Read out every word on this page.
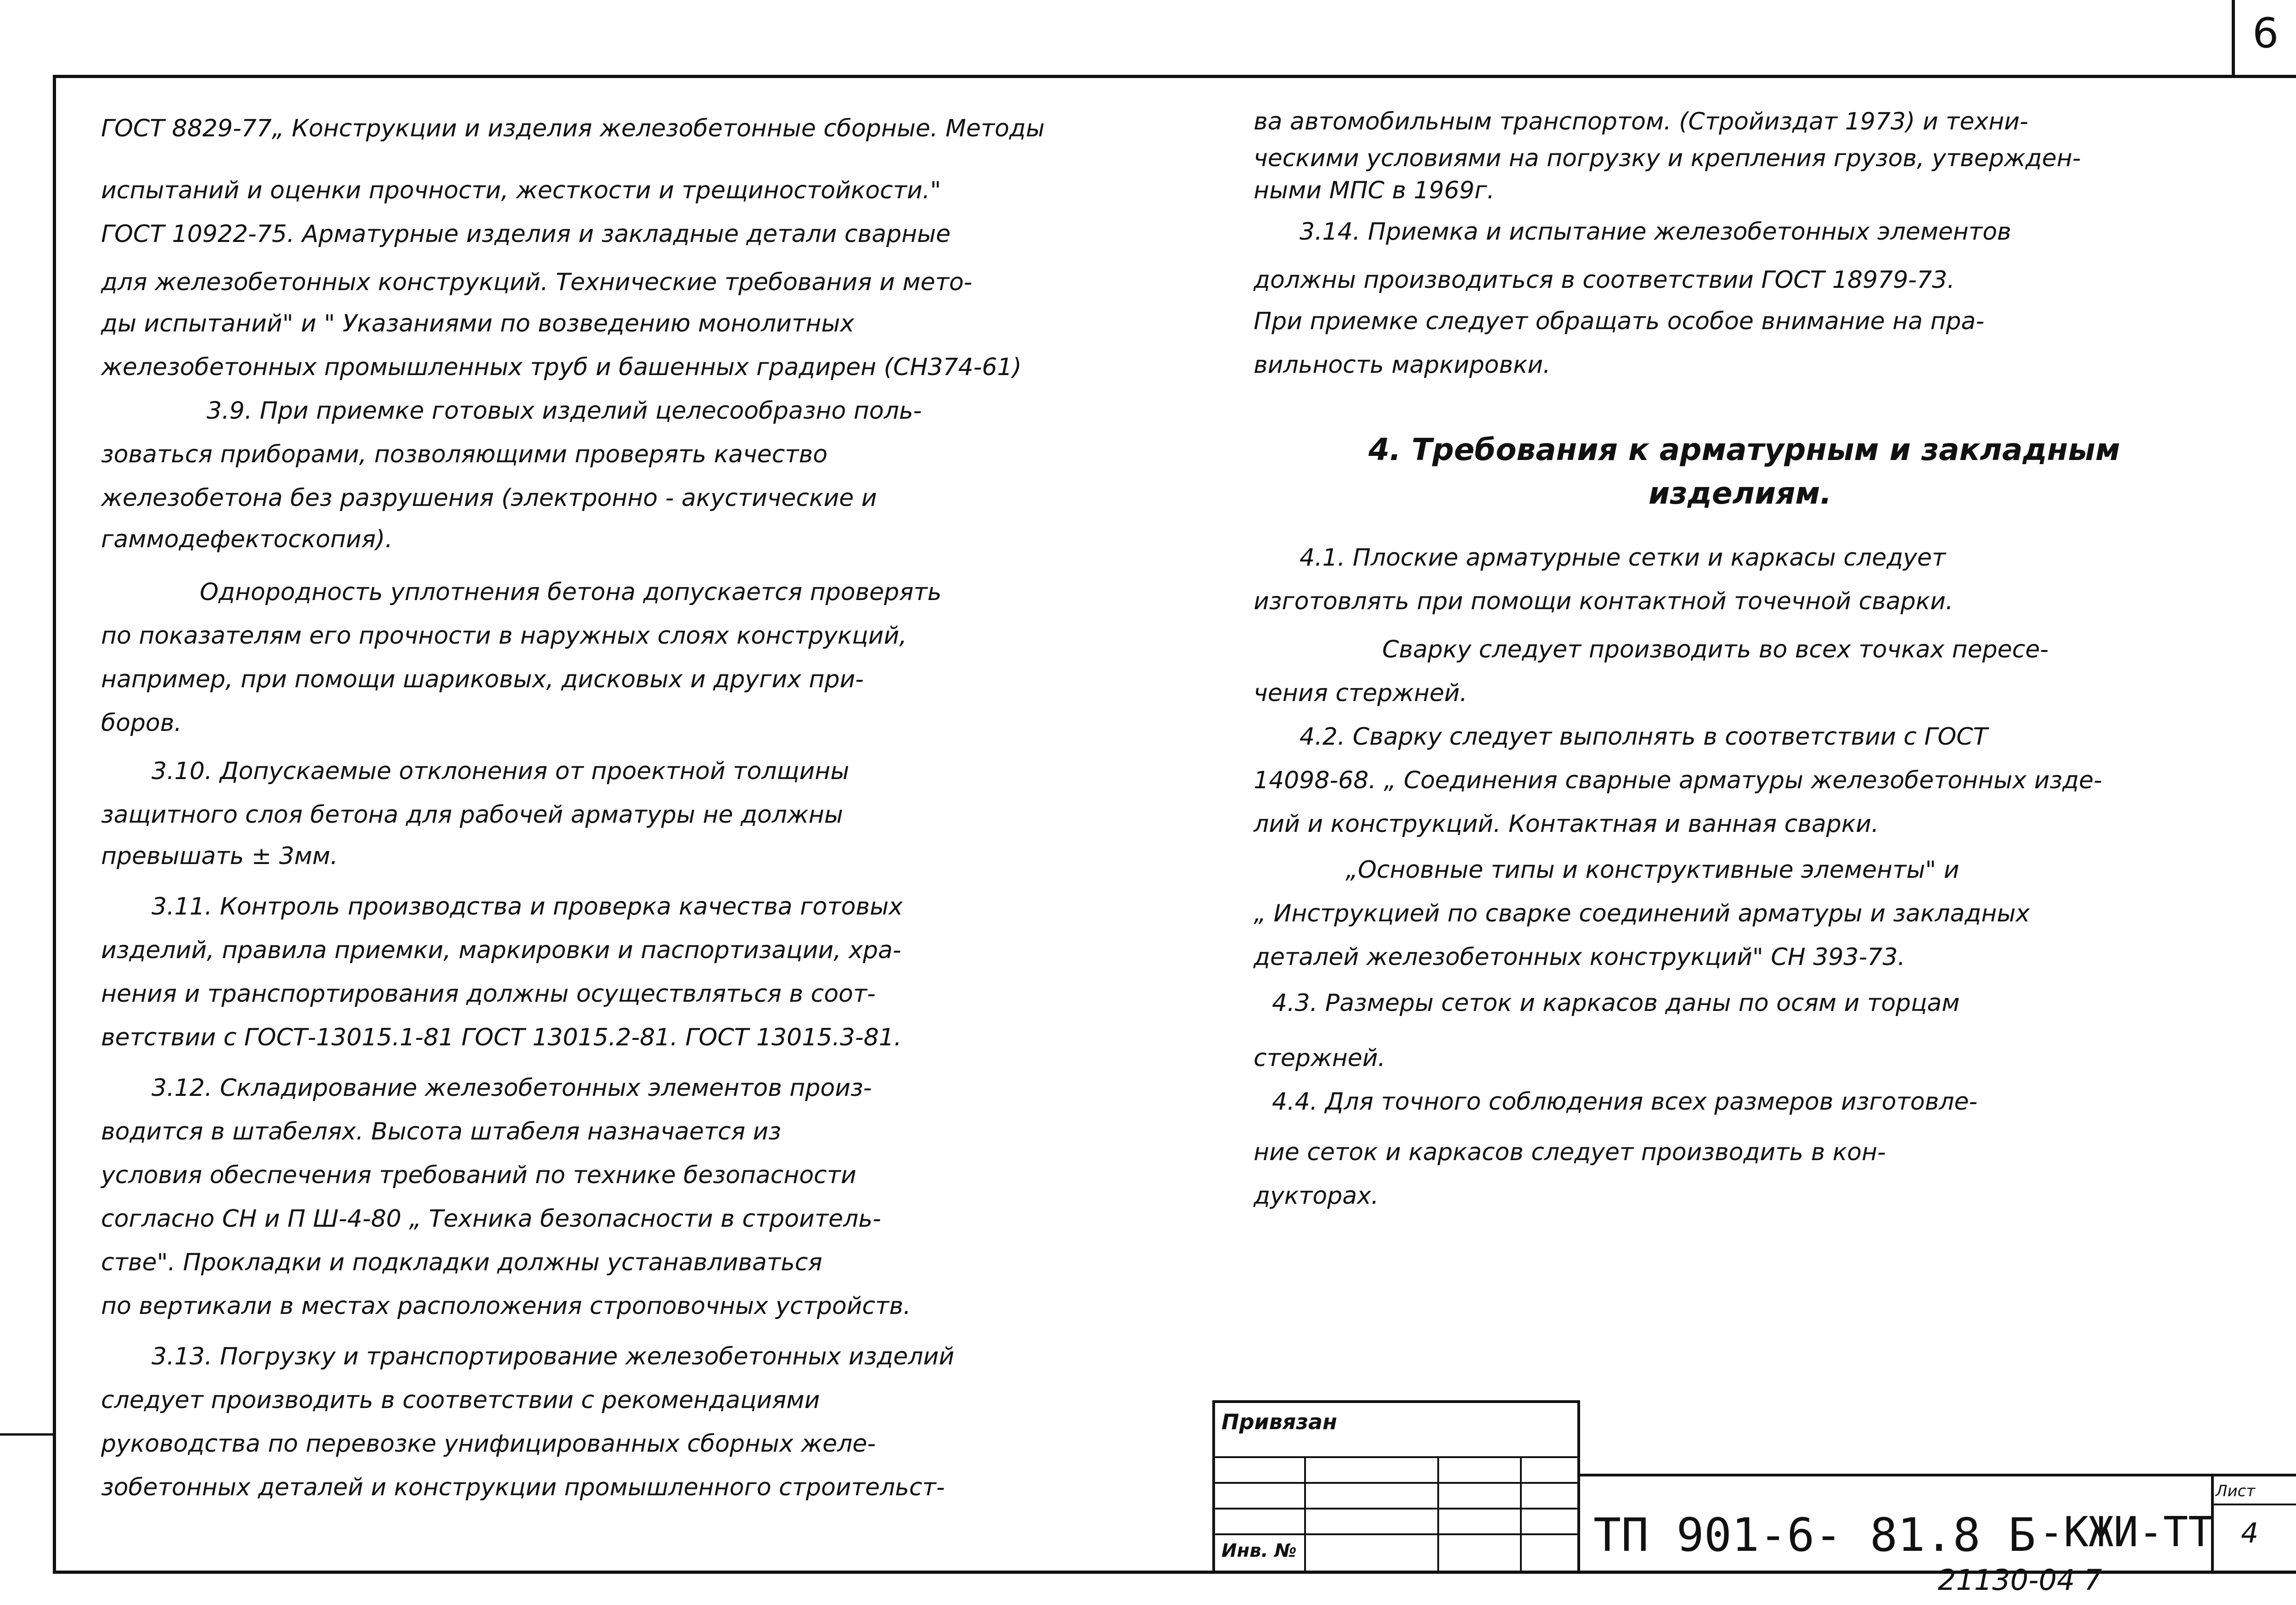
6
ГОСТ 8829-77„ Конструкции и изделия железобетонные сборные. Методы
испытаний и оценки прочности, жесткости и трещиностойкости."
ГОСТ 10922-75. Арматурные изделия и закладные детали сварные
для железобетонных конструкций. Технические требования и мето-
ды испытаний" и " Указаниями по возведению монолитных
железобетонных промышленных труб и башенных градирен (СН374-61)
3.9. При приемке готовых изделий целесообразно поль-
зоваться приборами, позволяющими проверять качество
железобетона без разрушения (электронно - акустические и
гаммодефектоскопия).
Однородность уплотнения бетона допускается проверять
по показателям его прочности в наружных слоях конструкций,
например, при помощи шариковых, дисковых и других при-
боров.
3.10. Допускаемые отклонения от проектной толщины
защитного слоя бетона для рабочей арматуры не должны
превышать ± 3мм.
3.11. Контроль производства и проверка качества готовых
изделий, правила приемки, маркировки и паспортизации, хра-
нения и транспортирования должны осуществляться в соот-
ветствии с ГОСТ-13015.1-81 ГОСТ 13015.2-81. ГОСТ 13015.3-81.
3.12. Складирование железобетонных элементов произ-
водится в штабелях. Высота штабеля назначается из
условия обеспечения требований по технике безопасности
согласно СН и П Ш-4-80 „ Техника безопасности в строитель-
стве". Прокладки и подкладки должны устанавливаться
по вертикали в местах расположения строповочных устройств.
3.13. Погрузку и транспортирование железобетонных изделий
следует производить в соответствии с рекомендациями
руководства по перевозке унифицированных сборных желе-
зобетонных деталей и конструкции промышленного строительст-
ва автомобильным транспортом. (Стройиздат 1973) и техни-
ческими условиями на погрузку и крепления грузов, утвержден-
ными МПС в 1969г.
3.14. Приемка и испытание железобетонных элементов
должны производиться в соответствии ГОСТ 18979-73.
При приемке следует обращать особое внимание на пра-
вильность маркировки.
4. Требования к арматурным и закладным
изделиям.
4.1. Плоские арматурные сетки и каркасы следует
изготовлять при помощи контактной точечной сварки.
Сварку следует производить во всех точках пересе-
чения стержней.
4.2. Сварку следует выполнять в соответствии с ГОСТ
14098-68. „ Соединения сварные арматуры железобетонных изде-
лий и конструкций. Контактная и ванная сварки.
„Основные типы и конструктивные элементы" и
„ Инструкцией по сварке соединений арматуры и закладных
деталей железобетонных конструкций" СН 393-73.
4.3. Размеры сеток и каркасов даны по осям и торцам
стержней.
4.4. Для точного соблюдения всех размеров изготовле-
ние сеток и каркасов следует производить в кон-
дукторах.
Привязан
Инв. №	ТП 901-6- 81.8 Б -КЖИ-ТТ
Лист
4
21130-04 7
